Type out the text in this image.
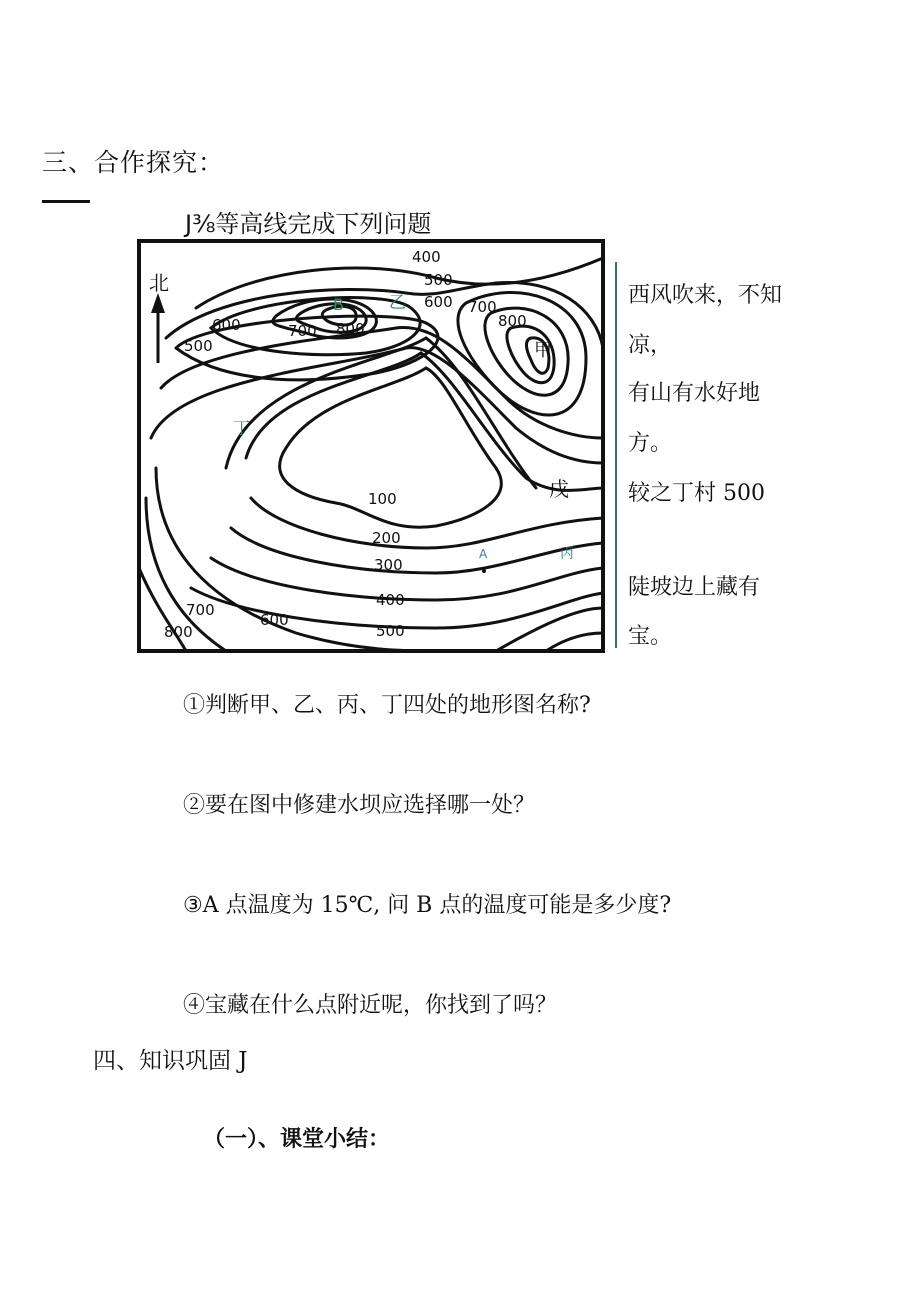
三、合作探究：
J⅜等高线完成下列问题
北
B	乙
甲
丁
戊
丙
A
400
500
600
700 800
600
700
800
500
100
200
300
400
500
700
800
600
西风吹来，不知
凉，
有山有水好地
方。
较之丁村 500
陡坡边上藏有
宝。
①判断甲、乙、丙、丁四处的地形图名称?
②要在图中修建水坝应选择哪一处？
③A 点温度为 15℃, 问 B 点的温度可能是多少度?
④宝藏在什么点附近呢，你找到了吗？
四、知识巩固 J
（一）、课堂小结：
